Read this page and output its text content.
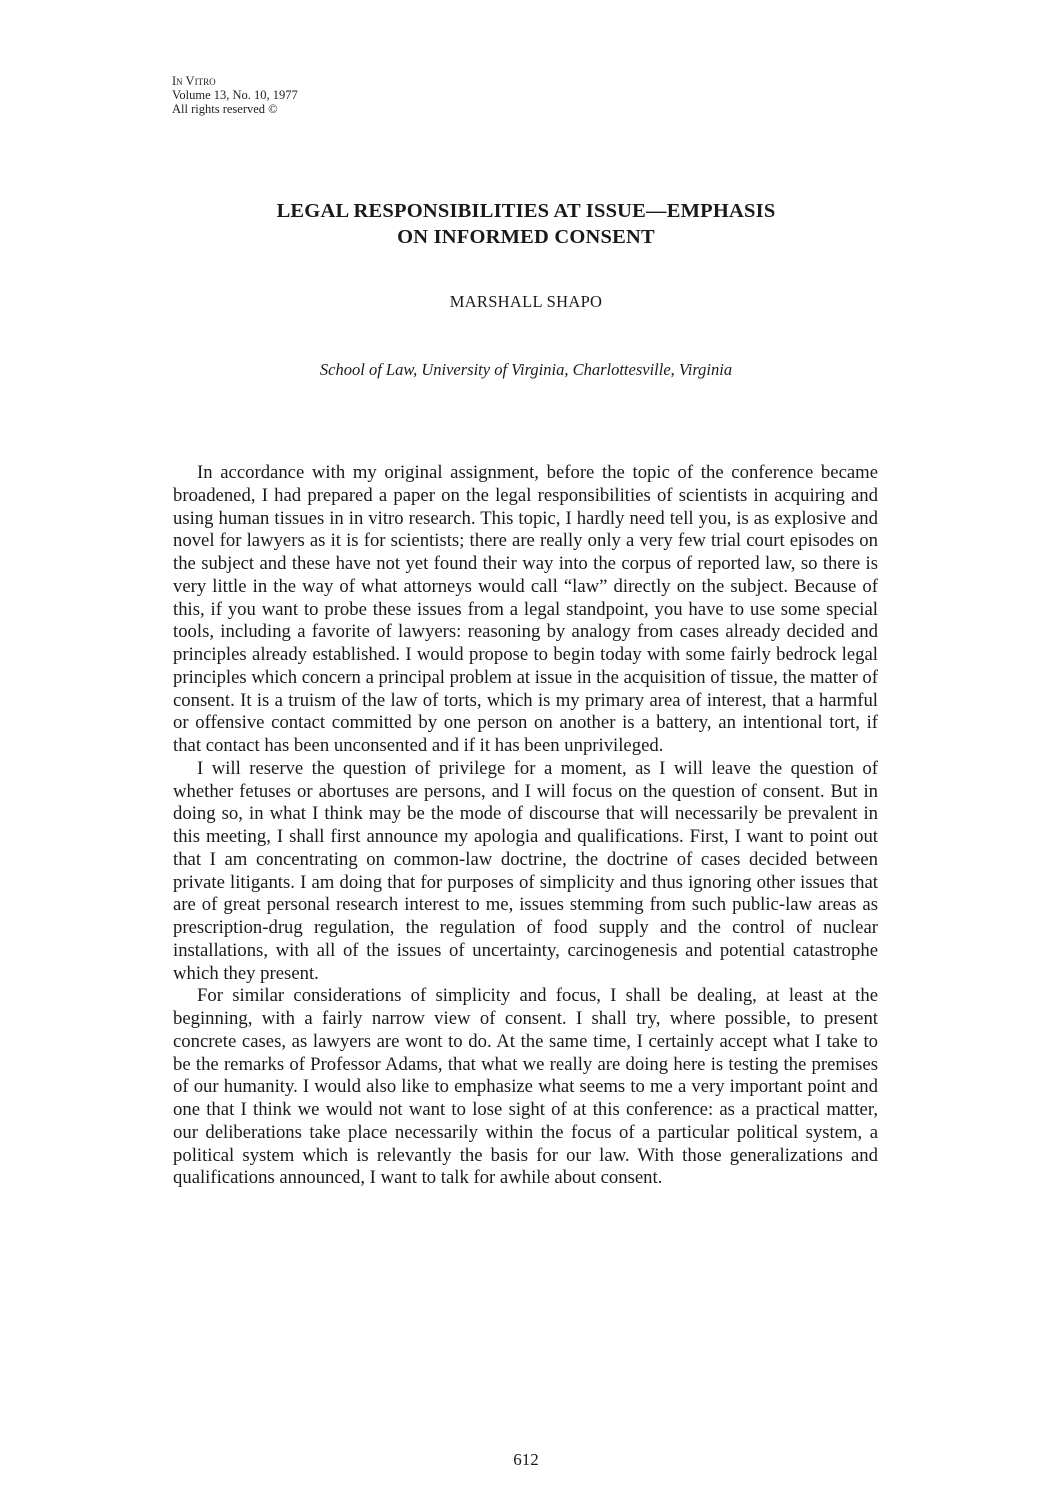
In Vitro
Volume 13, No. 10, 1977
All rights reserved ©
LEGAL RESPONSIBILITIES AT ISSUE—EMPHASIS
ON INFORMED CONSENT
MARSHALL SHAPO
School of Law, University of Virginia, Charlottesville, Virginia

In accordance with my original assignment, before the topic of the conference became broadened, I had prepared a paper on the legal responsibilities of scientists in acquiring and using human tissues in in vitro research. This topic, I hardly need tell you, is as explosive and novel for lawyers as it is for scientists; there are really only a very few trial court episodes on the subject and these have not yet found their way into the corpus of reported law, so there is very little in the way of what attorneys would call “law” directly on the subject. Because of this, if you want to probe these issues from a legal standpoint, you have to use some special tools, including a favorite of lawyers: reasoning by analogy from cases already decided and principles already established. I would propose to begin today with some fairly bedrock legal principles which concern a principal problem at issue in the acquisition of tissue, the matter of consent. It is a truism of the law of torts, which is my primary area of interest, that a harmful or offensive contact committed by one person on another is a battery, an intentional tort, if that contact has been unconsented and if it has been unprivileged.

I will reserve the question of privilege for a moment, as I will leave the question of whether fetuses or abortuses are persons, and I will focus on the question of consent. But in doing so, in what I think may be the mode of discourse that will necessarily be prevalent in this meeting, I shall first announce my apologia and qualifications. First, I want to point out that I am concentrating on common-law doctrine, the doctrine of cases decided between private litigants. I am doing that for purposes of simplicity and thus ignoring other issues that are of great personal research interest to me, issues stemming from such public-law areas as prescription-drug regulation, the regulation of food supply and the control of nuclear installations, with all of the issues of uncertainty, carcinogenesis and potential catastrophe which they present.

For similar considerations of simplicity and focus, I shall be dealing, at least at the beginning, with a fairly narrow view of consent. I shall try, where possible, to present concrete cases, as lawyers are wont to do. At the same time, I certainly accept what I take to be the remarks of Professor Adams, that what we really are doing here is testing the premises of our humanity. I would also like to emphasize what seems to me a very important point and one that I think we would not want to lose sight of at this conference: as a practical matter, our deliberations take place necessarily within the focus of a particular political system, a political system which is relevantly the basis for our law. With those generalizations and qualifications announced, I want to talk for awhile about consent.

612
